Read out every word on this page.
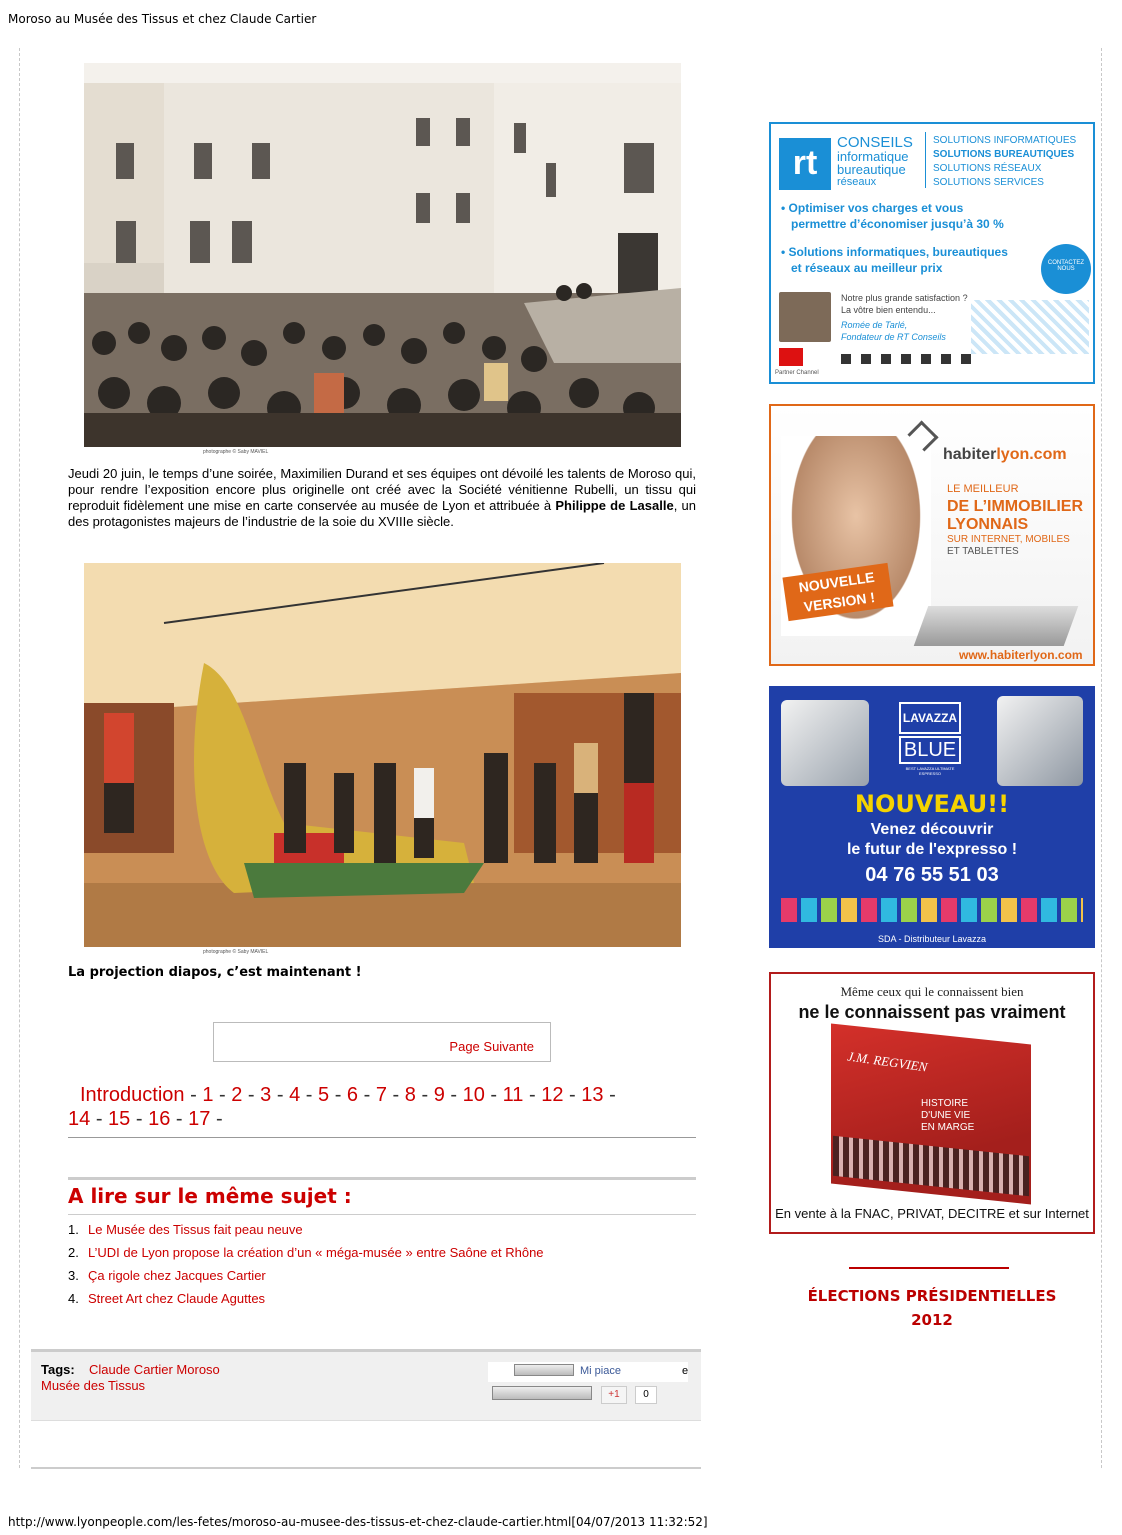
Moroso au Musée des Tissus et chez Claude Cartier
photographe © Saby MAVIEL
Jeudi 20 juin, le temps d’une soirée, Maximilien Durand et ses équipes ont dévoilé les talents de Moroso qui, pour rendre l’exposition encore plus originelle ont créé avec la Société vénitienne Rubelli, un tissu qui reproduit fidèlement une mise en carte conservée au musée de Lyon et attribuée à Philippe de Lasalle, un des protagonistes majeurs de l’industrie de la soie du XVIIIe siècle.
photographe © Saby MAVIEL
La projection diapos, c’est maintenant !
Page Suivante
Introduction - 1 - 2 - 3 - 4 - 5 - 6 - 7 - 8 - 9 - 10 - 11 - 12 - 13 -
14 - 15 - 16 - 17 -
A lire sur le même sujet :
1. Le Musée des Tissus fait peau neuve
2. L’UDI de Lyon propose la création d’un « méga-musée » entre Saône et Rhône
3. Ça rigole chez Jacques Cartier
4. Street Art chez Claude Aguttes
Tags: Claude Cartier Moroso
Musée des Tissus
Mi piace	e
+1	0
http://www.lyonpeople.com/les-fetes/moroso-au-musee-des-tissus-et-chez-claude-cartier.html[04/07/2013 11:32:52]
rt
CONSEILS
informatique
bureautique
réseaux
SOLUTIONS INFORMATIQUES
SOLUTIONS BUREAUTIQUES
SOLUTIONS RÉSEAUX
SOLUTIONS SERVICES
• Optimiser vos charges et vous
permettre d’économiser jusqu’à 30 %
• Solutions informatiques, bureautiques
et réseaux au meilleur prix	CONTACTEZ NOUS
Notre plus grande satisfaction ?
La vôtre bien entendu...
Romée de Tarlé,
Fondateur de RT Conseils
Partner Channel
habiterlyon.com
LE MEILLEUR
DE L’IMMOBILIER
LYONNAIS
SUR INTERNET, MOBILES
ET TABLETTES
NOUVELLE
VERSION !
www.habiterlyon.com
LAVAZZA
BLUE
BEST LAVAZZA ULTIMATE ESPRESSO
NOUVEAU!!
Venez découvrir
le futur de l'expresso !
04 76 55 51 03
SDA - Distributeur Lavazza
Même ceux qui le connaissent bien
ne le connaissent pas vraiment
J.M. REGVIEN
HISTOIRE
D'UNE VIE
EN MARGE
En vente à la FNAC, PRIVAT, DECITRE et sur Internet
ÉLECTIONS PRÉSIDENTIELLES
2012
